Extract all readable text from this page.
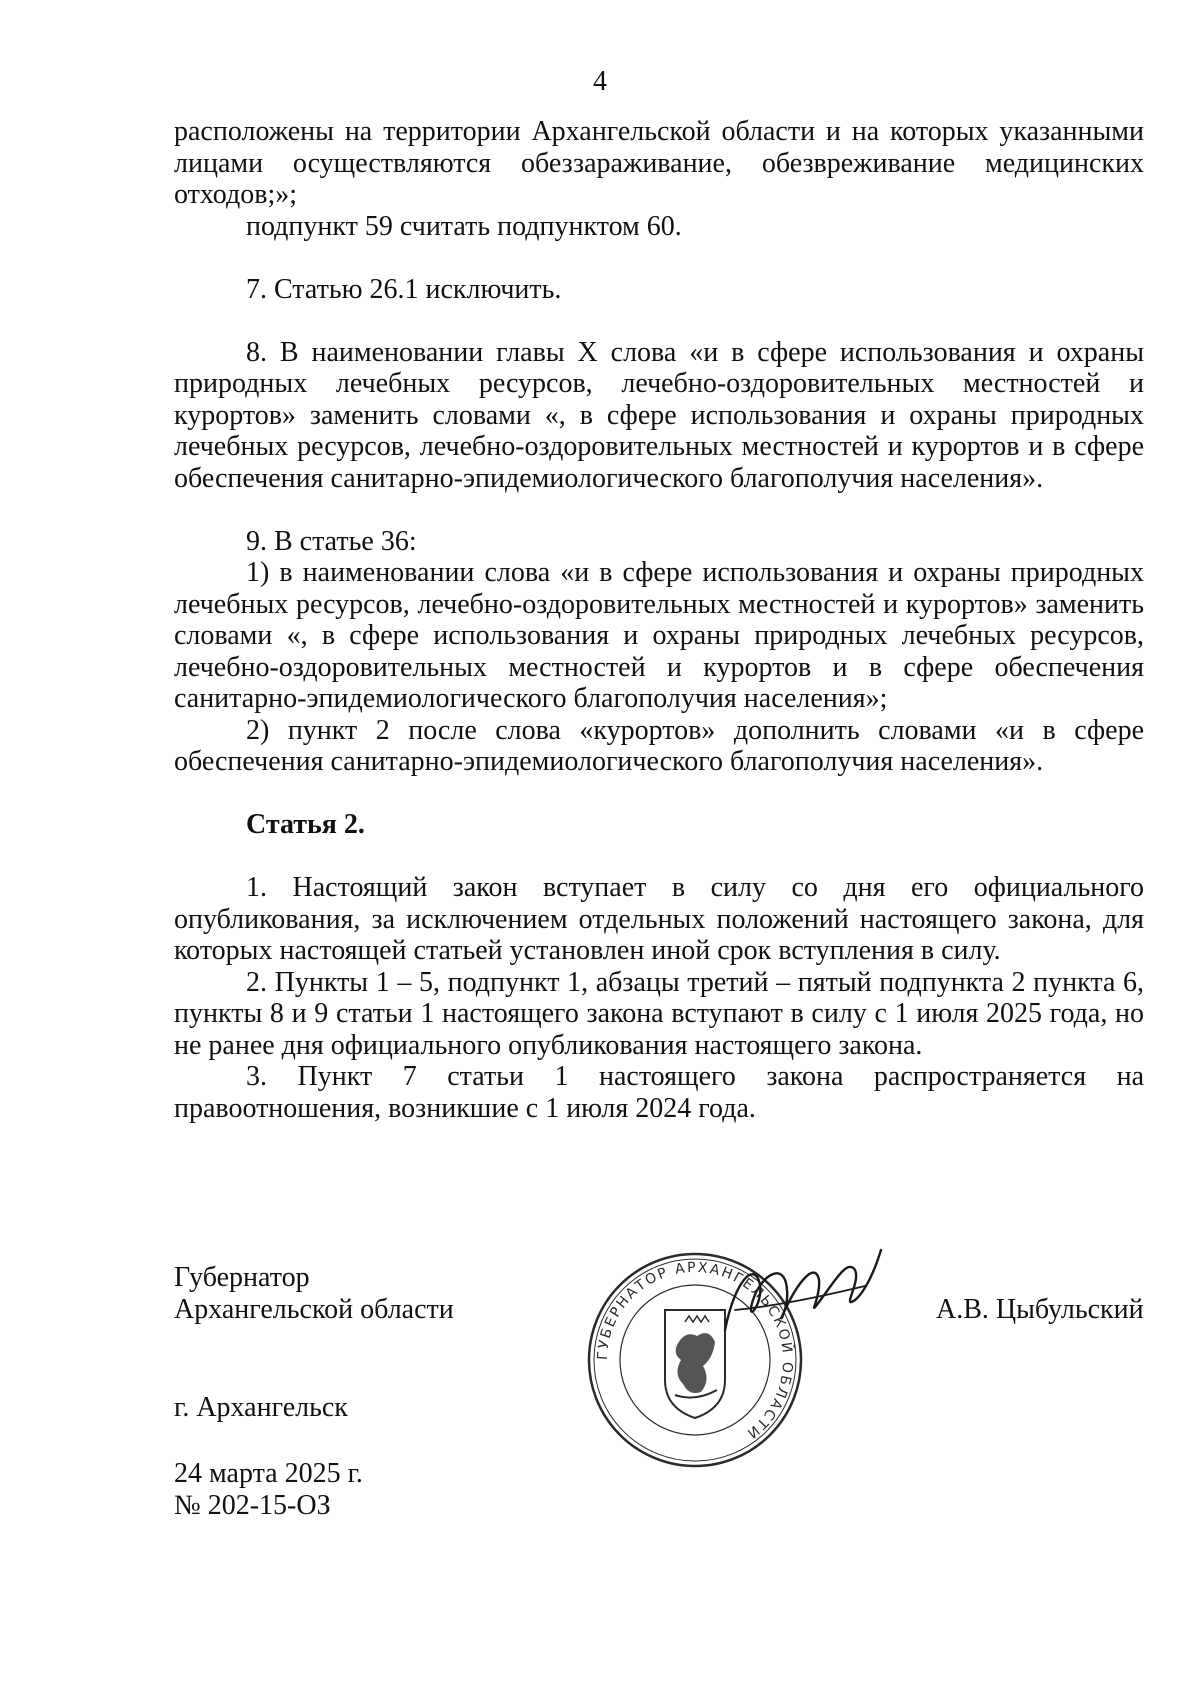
4

расположены на территории Архангельской области и на которых указанными лицами осуществляются обеззараживание, обезвреживание медицинских отходов;»;

подпункт 59 считать подпунктом 60.

7. Статью 26.1 исключить.

8. В наименовании главы X слова «и в сфере использования и охраны природных лечебных ресурсов, лечебно-оздоровительных местностей и курортов» заменить словами «, в сфере использования и охраны природных лечебных ресурсов, лечебно-оздоровительных местностей и курортов и в сфере обеспечения санитарно-эпидемиологического благополучия населения».

9. В статье 36:

1) в наименовании слова «и в сфере использования и охраны природных лечебных ресурсов, лечебно-оздоровительных местностей и курортов» заменить словами «, в сфере использования и охраны природных лечебных ресурсов, лечебно-оздоровительных местностей и курортов и в сфере обеспечения санитарно-эпидемиологического благополучия населения»;

2) пункт 2 после слова «курортов» дополнить словами «и в сфере обеспечения санитарно-эпидемиологического благополучия населения».

Статья 2.

1. Настоящий закон вступает в силу со дня его официального опубликования, за исключением отдельных положений настоящего закона, для которых настоящей статьей установлен иной срок вступления в силу.

2. Пункты 1 – 5, подпункт 1, абзацы третий – пятый подпункта 2 пункта 6, пункты 8 и 9 статьи 1 настоящего закона вступают в силу с 1 июля 2025 года, но не ранее дня официального опубликования настоящего закона.

3. Пункт 7 статьи 1 настоящего закона распространяется на правоотношения, возникшие с 1 июля 2024 года.

Губернатор
Архангельской области	А.В. Цыбульский
г. Архангельск
24 марта 2025 г.
№ 202-15-ОЗ
ГУБЕРНАТОР АРХАНГЕЛЬСКОЙ ОБЛАСТИ
